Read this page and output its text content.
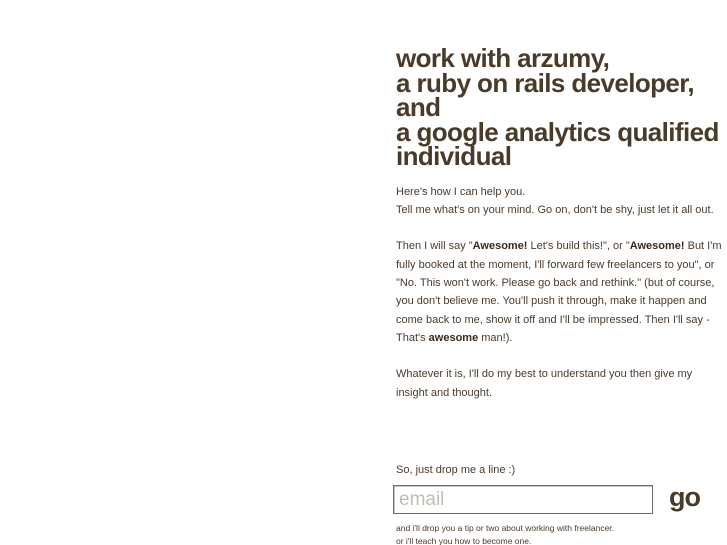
work with arzumy,
a ruby on rails developer,
and
a google analytics qualified
individual

Here's how I can help you.

Tell me what's on your mind. Go on, don't be shy, just let it all out.

Then I will say "Awesome! Let's build this!", or "Awesome! But I'm fully booked at the moment, I'll forward few freelancers to you", or "No. This won't work. Please go back and rethink." (but of course, you don't believe me. You'll push it through, make it happen and come back to me, show it off and I'll be impressed. Then I'll say - That's awesome man!).

Whatever it is, I'll do my best to understand you then give my insight and thought.

So, just drop me a line :)
email
go

and i'll drop you a tip or two about working with freelancer.

or i'll teach you how to become one.
